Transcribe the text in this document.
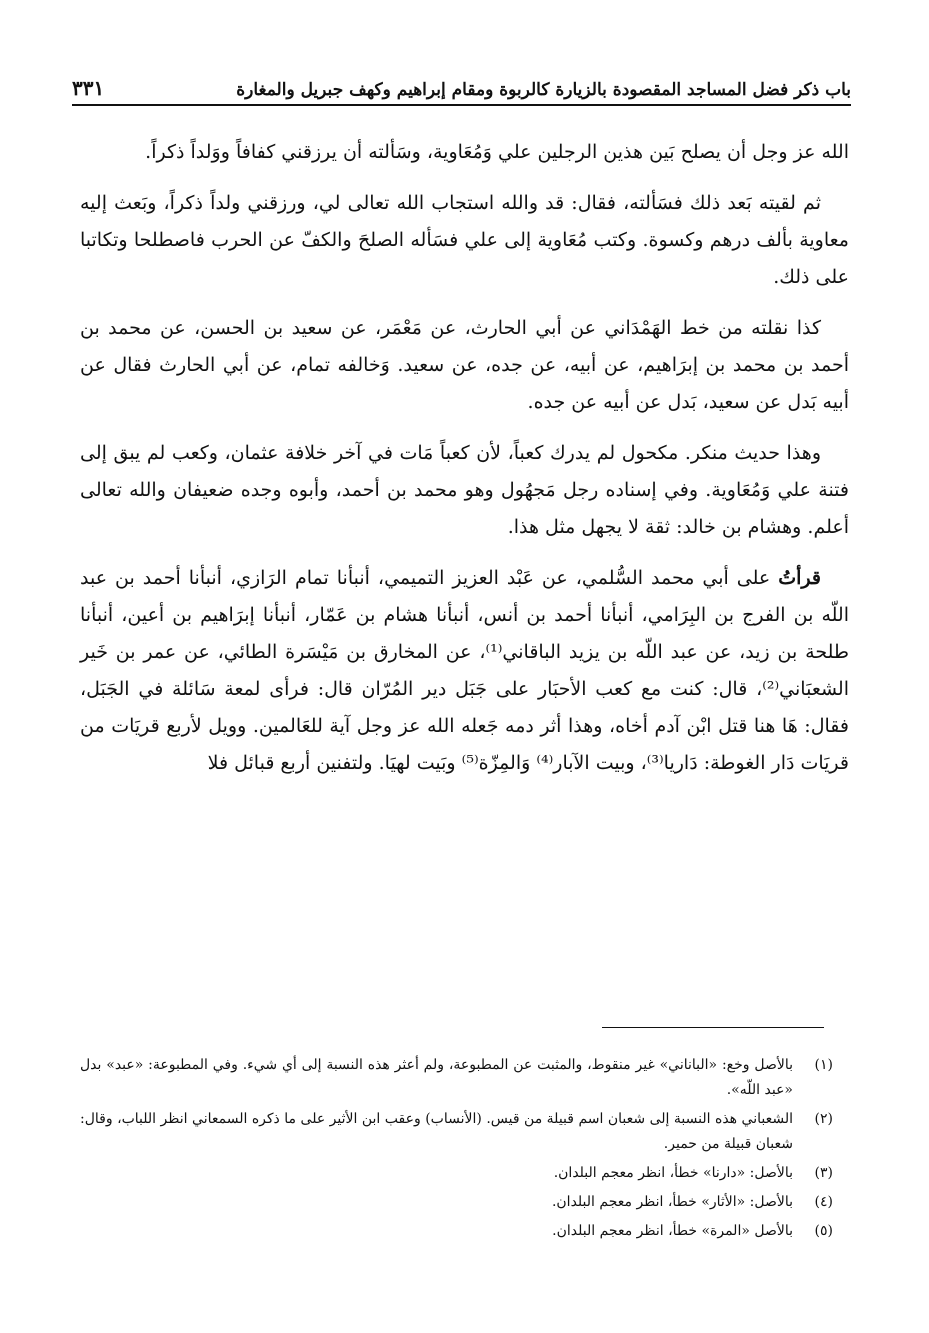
باب ذكر فضل المساجد المقصودة بالزيارة كالربوة ومقام إبراهيم وكهف جبريل والمغارة
٣٣١

الله عز وجل أن يصلح بَين هذين الرجلين علي وَمُعَاوية، وسَألته أن يرزقني كفافاً ووَلداً ذكراً.

ثم لقيته بَعد ذلك فسَألته، فقال: قد والله استجاب الله تعالى لي، ورزقني ولداً ذكراً، وبَعث إليه معاوية بألف درهم وكسوة. وكتب مُعَاوية إلى علي فسَأله الصلحَ والكفّ عن الحرب فاصطلحا وتكاتبا على ذلك.

كذا نقلته من خط الهَمْدَاني عن أبي الحارث، عن مَعْمَر، عن سعيد بن الحسن، عن محمد بن أحمد بن محمد بن إبرَاهيم، عن أبيه، عن جده، عن سعيد. وَخالفه تمام، عن أبي الحارث فقال عن أبيه بَدل عن سعيد، بَدل عن أبيه عن جده.

وهذا حديث منكر. مكحول لم يدرك كعباً، لأن كعباً مَات في آخر خلافة عثمان، وكعب لم يبق إلى فتنة علي وَمُعَاوية. وفي إسناده رجل مَجهُول وهو محمد بن أحمد، وأبوه وجده ضعيفان والله تعالى أعلم. وهشام بن خالد: ثقة لا يجهل مثل هذا.

قرأتُ على أبي محمد السُّلمي، عن عَبْد العزيز التميمي، أنبأنا تمام الرَازي، أنبأنا أحمد بن عبد اللّه بن الفرج بن البِرَامي، أنبأنا أحمد بن أنس، أنبأنا هشام بن عَمّار، أنبأنا إبرَاهيم بن أعين، أنبأنا طلحة بن زيد، عن عبد اللّه بن يزيد الباقاني⁽¹⁾، عن المخارق بن مَيْسَرة الطائي، عن عمر بن خَير الشعبَاني⁽²⁾، قال: كنت مع كعب الأحبَار على جَبَل دير المُرّان قال: فرأى لمعة سَائلة في الجَبَل، فقال: هَا هنا قتل ابْن آدم أخاه، وهذا أثر دمه جَعله الله عز وجل آية للعَالمين. وويل لأربع قريَات من قريَات دَار الغوطة: دَاريا⁽³⁾، وبيت الآبار⁽⁴⁾ وَالمِزّة⁽⁵⁾ وبَيت لهيَا. ولتفنين أربع قبائل فلا

(١)
بالأصل وخع: «الباناني» غير منقوط، والمثبت عن المطبوعة، ولم أعثر هذه النسبة إلى أي شيء. وفي المطبوعة: «عبد» بدل «عبد اللّه».
(٢)
الشعباني هذه النسبة إلى شعبان اسم قبيلة من قيس. (الأنساب) وعقب ابن الأثير على ما ذكره السمعاني انظر اللباب، وقال: شعبان قبيلة من حمير.
(٣)
بالأصل: «دارنا» خطأ، انظر معجم البلدان.
(٤)
بالأصل: «الأثار» خطأ، انظر معجم البلدان.
(٥)
بالأصل «المرة» خطأ، انظر معجم البلدان.
